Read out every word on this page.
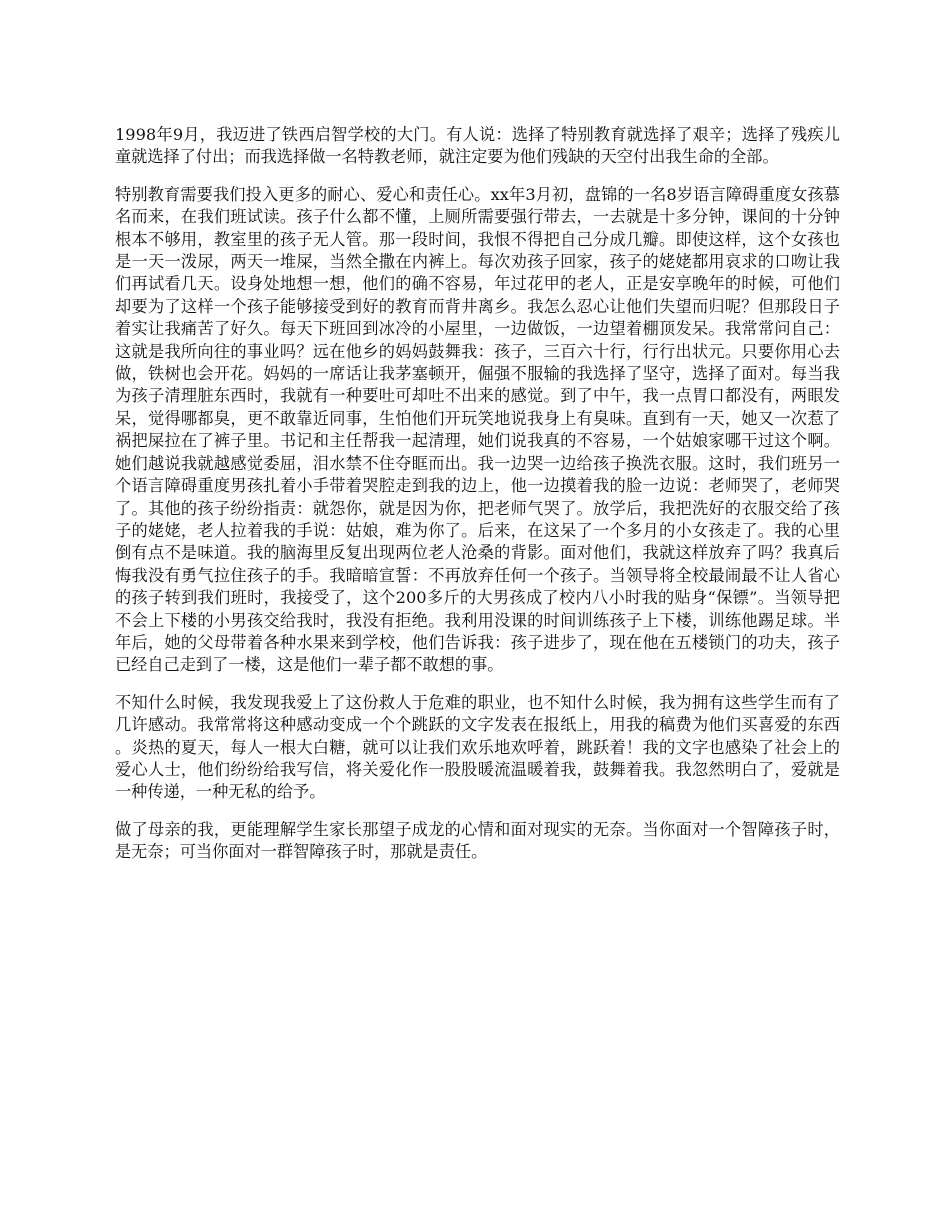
1998年9月，我迈进了铁西启智学校的大门。有人说：选择了特别教育就选择了艰辛；选择了残疾儿童就选择了付出；而我选择做一名特教老师，就注定要为他们残缺的天空付出我生命的全部。

特别教育需要我们投入更多的耐心、爱心和责任心。xx年3月初，盘锦的一名8岁语言障碍重度女孩慕名而来，在我们班试读。孩子什么都不懂，上厕所需要强行带去，一去就是十多分钟，课间的十分钟根本不够用，教室里的孩子无人管。那一段时间，我恨不得把自己分成几瓣。即使这样，这个女孩也是一天一泼尿，两天一堆屎，当然全撒在内裤上。每次劝孩子回家，孩子的姥姥都用哀求的口吻让我们再试看几天。设身处地想一想，他们的确不容易，年过花甲的老人，正是安享晚年的时候，可他们却要为了这样一个孩子能够接受到好的教育而背井离乡。我怎么忍心让他们失望而归呢？但那段日子着实让我痛苦了好久。每天下班回到冰冷的小屋里，一边做饭，一边望着棚顶发呆。我常常问自己：这就是我所向往的事业吗？远在他乡的妈妈鼓舞我：孩子，三百六十行，行行出状元。只要你用心去做，铁树也会开花。妈妈的一席话让我茅塞顿开，倔强不服输的我选择了坚守，选择了面对。每当我为孩子清理脏东西时，我就有一种要吐可却吐不出来的感觉。到了中午，我一点胃口都没有，两眼发呆，觉得哪都臭，更不敢靠近同事，生怕他们开玩笑地说我身上有臭味。直到有一天，她又一次惹了祸把屎拉在了裤子里。书记和主任帮我一起清理，她们说我真的不容易，一个姑娘家哪干过这个啊。她们越说我就越感觉委屈，泪水禁不住夺眶而出。我一边哭一边给孩子换洗衣服。这时，我们班另一个语言障碍重度男孩扎着小手带着哭腔走到我的边上，他一边摸着我的脸一边说：老师哭了，老师哭了。其他的孩子纷纷指责：就怨你，就是因为你，把老师气哭了。放学后，我把洗好的衣服交给了孩子的姥姥，老人拉着我的手说：姑娘，难为你了。后来，在这呆了一个多月的小女孩走了。我的心里倒有点不是味道。我的脑海里反复出现两位老人沧桑的背影。面对他们，我就这样放弃了吗？我真后悔我没有勇气拉住孩子的手。我暗暗宣誓：不再放弃任何一个孩子。当领导将全校最闹最不让人省心的孩子转到我们班时，我接受了，这个200多斤的大男孩成了校内八小时我的贴身“保镖”。当领导把不会上下楼的小男孩交给我时，我没有拒绝。我利用没课的时间训练孩子上下楼，训练他踢足球。半年后，她的父母带着各种水果来到学校，他们告诉我：孩子进步了，现在他在五楼锁门的功夫，孩子已经自己走到了一楼，这是他们一辈子都不敢想的事。

不知什么时候，我发现我爱上了这份救人于危难的职业，也不知什么时候，我为拥有这些学生而有了几许感动。我常常将这种感动变成一个个跳跃的文字发表在报纸上，用我的稿费为他们买喜爱的东西。炎热的夏天，每人一根大白糖，就可以让我们欢乐地欢呼着，跳跃着！我的文字也感染了社会上的爱心人士，他们纷纷给我写信，将关爱化作一股股暖流温暖着我，鼓舞着我。我忽然明白了，爱就是一种传递，一种无私的给予。

做了母亲的我，更能理解学生家长那望子成龙的心情和面对现实的无奈。当你面对一个智障孩子时，是无奈；可当你面对一群智障孩子时，那就是责任。
